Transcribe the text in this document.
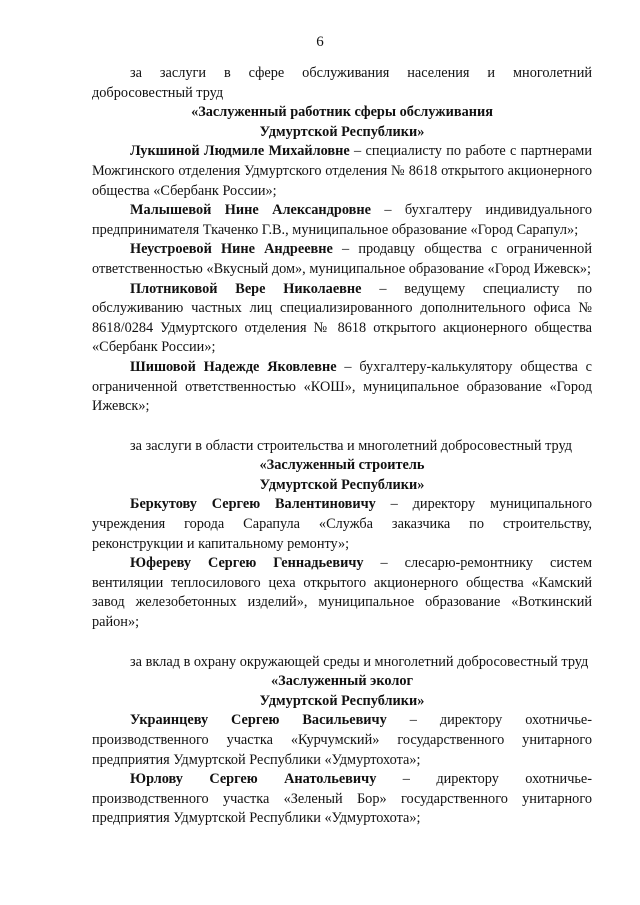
6

за заслуги в сфере обслуживания населения и многолетний добросовестный труд

«Заслуженный работник сферы обслуживания

Удмуртской Республики»

Лукшиной Людмиле Михайловне – специалисту по работе с партнерами Можгинского отделения Удмуртского отделения № 8618 открытого акционерного общества «Сбербанк России»;

Малышевой Нине Александровне – бухгалтеру индивидуального предпринимателя Ткаченко Г.В., муниципальное образование «Город Сарапул»;

Неустроевой Нине Андреевне – продавцу общества с ограниченной ответственностью «Вкусный дом», муниципальное образование «Город Ижевск»;

Плотниковой Вере Николаевне – ведущему специалисту по обслуживанию частных лиц специализированного дополнительного офиса № 8618/0284 Удмуртского отделения № 8618 открытого акционерного общества «Сбербанк России»;

Шишовой Надежде Яковлевне – бухгалтеру-калькулятору общества с ограниченной ответственностью «КОШ», муниципальное образование «Город Ижевск»;

за заслуги в области строительства и многолетний добросовестный труд

«Заслуженный строитель

Удмуртской Республики»

Беркутову Сергею Валентиновичу – директору муниципального учреждения города Сарапула «Служба заказчика по строительству, реконструкции и капитальному ремонту»;

Юфереву Сергею Геннадьевичу – слесарю-ремонтнику систем вентиляции теплосилового цеха открытого акционерного общества «Камский завод железобетонных изделий», муниципальное образование «Воткинский район»;

за вклад в охрану окружающей среды и многолетний добросовестный труд

«Заслуженный эколог

Удмуртской Республики»

Украинцеву Сергею Васильевичу – директору охотничье-производственного участка «Курчумский» государственного унитарного предприятия Удмуртской Республики «Удмуртохота»;

Юрлову Сергею Анатольевичу – директору охотничье-производственного участка «Зеленый Бор» государственного унитарного предприятия Удмуртской Республики «Удмуртохота»;
